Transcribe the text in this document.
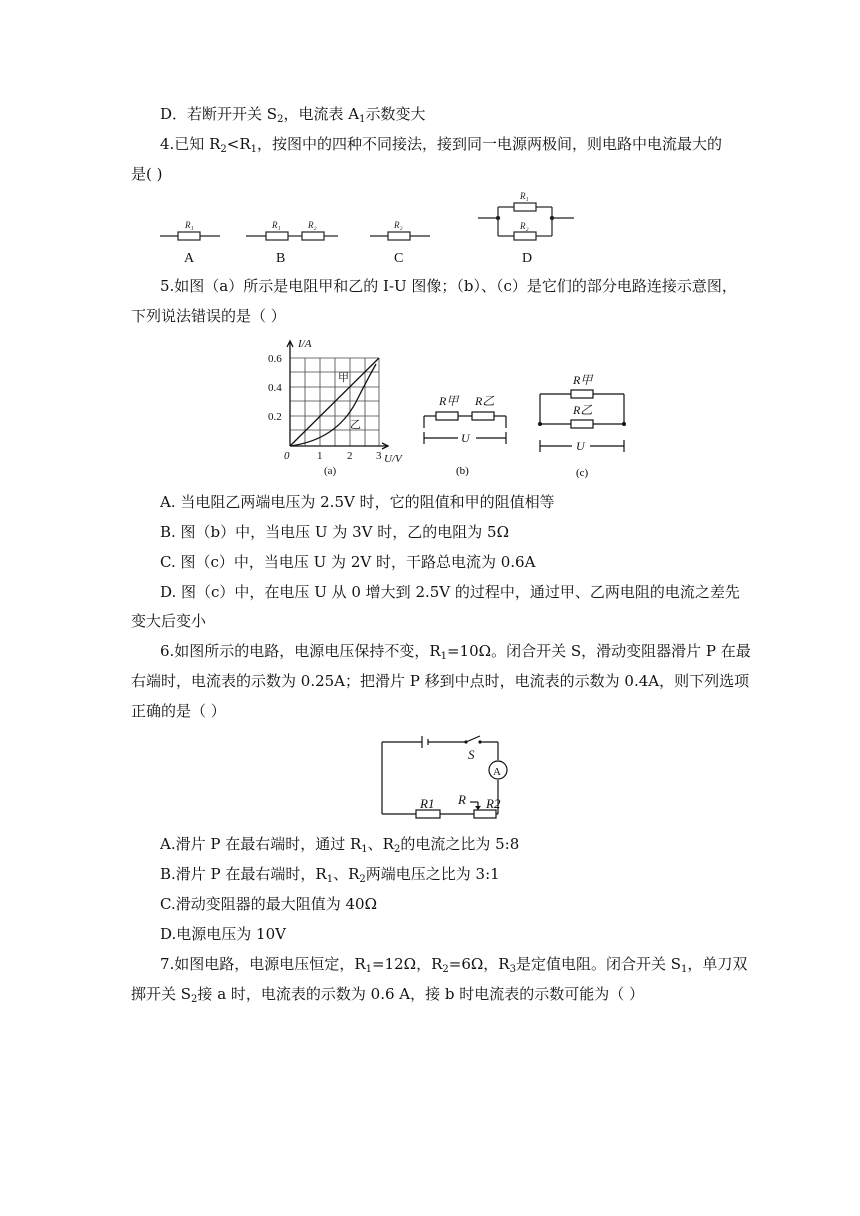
D．若断开开关 $S_2$，电流表 $A_1$示数变大
4.已知 $R_2<R_1$，按图中的四种不同接法，接到同一电源两极间，则电路中电流最大的
是( )
R₁	R₁	R₂	R₂
R₁
R₂
A	B	C	D
5.如图（a）所示是电阻甲和乙的 I-U 图像；（b）、（c）是它们的部分电路连接示意图，
下列说法错误的是（ ）
I/A
0.6
0.4
0.2
0	1 2 3 U/V
甲
乙
(a)
R甲 R乙
U
(b)
R甲
R乙
U
(c)
A. 当电阻乙两端电压为 2.5V 时，它的阻值和甲的阻值相等
B. 图（b）中，当电压 U 为 3V 时，乙的电阻为 5Ω
C. 图（c）中，当电压 U 为 2V 时，干路总电流为 0.6A
D. 图（c）中，在电压 U 从 0 增大到 2.5V 的过程中，通过甲、乙两电阻的电流之差先
变大后变小
6.如图所示的电路，电源电压保持不变，$R_1=10\Omega$。闭合开关 S，滑动变阻器滑片 P 在最
右端时，电流表的示数为 0.25A；把滑片 P 移到中点时，电流表的示数为 0.4A，则下列选项
正确的是（ ）
S
A
R1 R R2
A.滑片 P 在最右端时，通过 $R_1$、$R_2$的电流之比为 5:8
B.滑片 P 在最右端时，$R_1$、$R_2$两端电压之比为 3:1
C.滑动变阻器的最大阻值为 40Ω
D.电源电压为 10V
7.如图电路，电源电压恒定，$R_1=12\Omega$，$R_2=6\Omega$，$R_3$是定值电阻。闭合开关 $S_1$，单刀双
掷开关 $S_2$接 a 时，电流表的示数为 0.6 A，接 b 时电流表的示数可能为（ ）
